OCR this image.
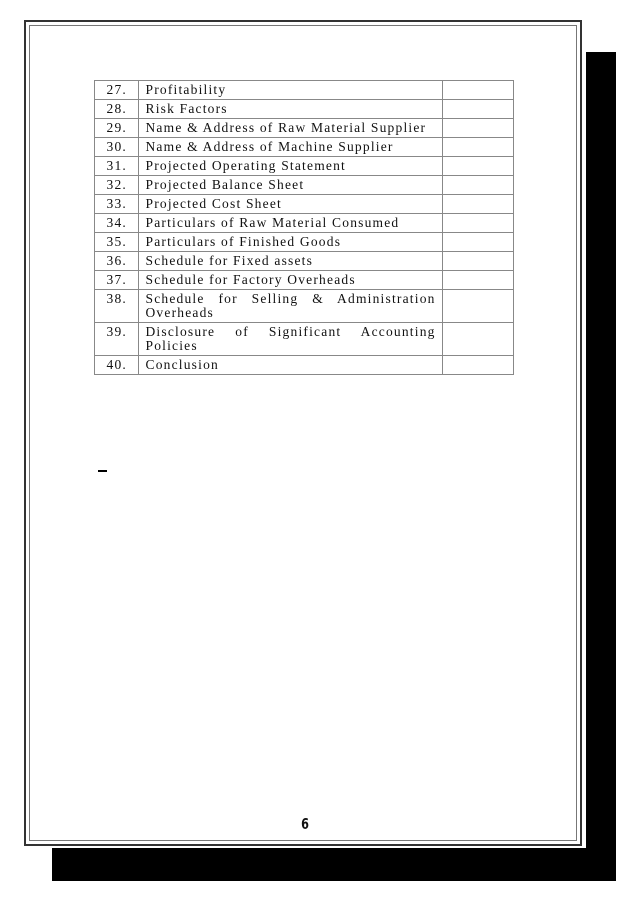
27.	Profitability	
28.	Risk Factors	
29.	Name & Address of Raw Material Supplier	
30.	Name & Address of Machine Supplier	
31.	Projected Operating Statement	
32.	Projected Balance Sheet	
33.	Projected Cost Sheet	
34.	Particulars of Raw Material Consumed	
35.	Particulars of Finished Goods	
36.	Schedule for Fixed assets	
37.	Schedule for Factory Overheads	
38.	Schedule for Selling & Administration Overheads	
39.	Disclosure of Significant Accounting Policies	
40.	Conclusion	
6
